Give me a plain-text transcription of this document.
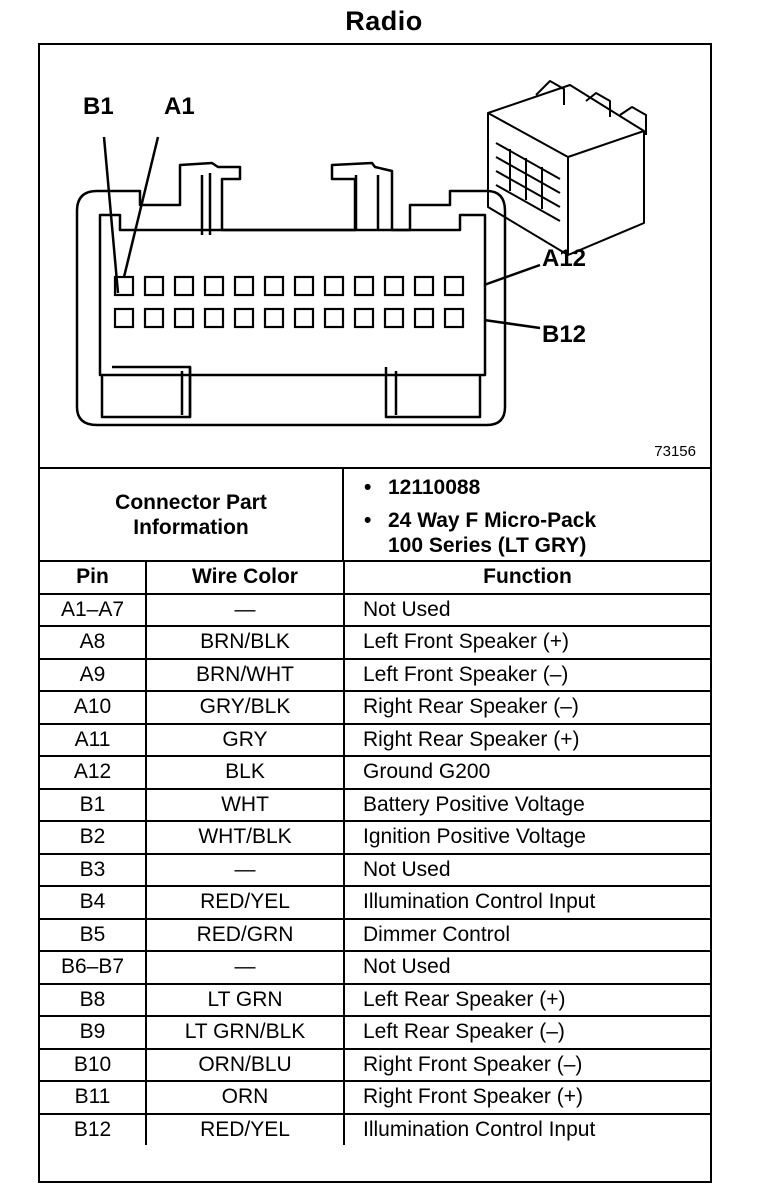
Radio
B1 A1
A12
B12
73156
Connector Part
Information
• 12110088
• 24 Way F Micro-Pack
100 Series (LT GRY)
Pin	Wire Color	Function
A1–A7	—	Not Used
A8	BRN/BLK	Left Front Speaker (+)
A9	BRN/WHT	Left Front Speaker (–)
A10	GRY/BLK	Right Rear Speaker (–)
A11	GRY	Right Rear Speaker (+)
A12	BLK	Ground G200
B1	WHT	Battery Positive Voltage
B2	WHT/BLK	Ignition Positive Voltage
B3	—	Not Used
B4	RED/YEL	Illumination Control Input
B5	RED/GRN	Dimmer Control
B6–B7	—	Not Used
B8	LT GRN	Left Rear Speaker (+)
B9	LT GRN/BLK	Left Rear Speaker (–)
B10	ORN/BLU	Right Front Speaker (–)
B11	ORN	Right Front Speaker (+)
B12	RED/YEL	Illumination Control Input
